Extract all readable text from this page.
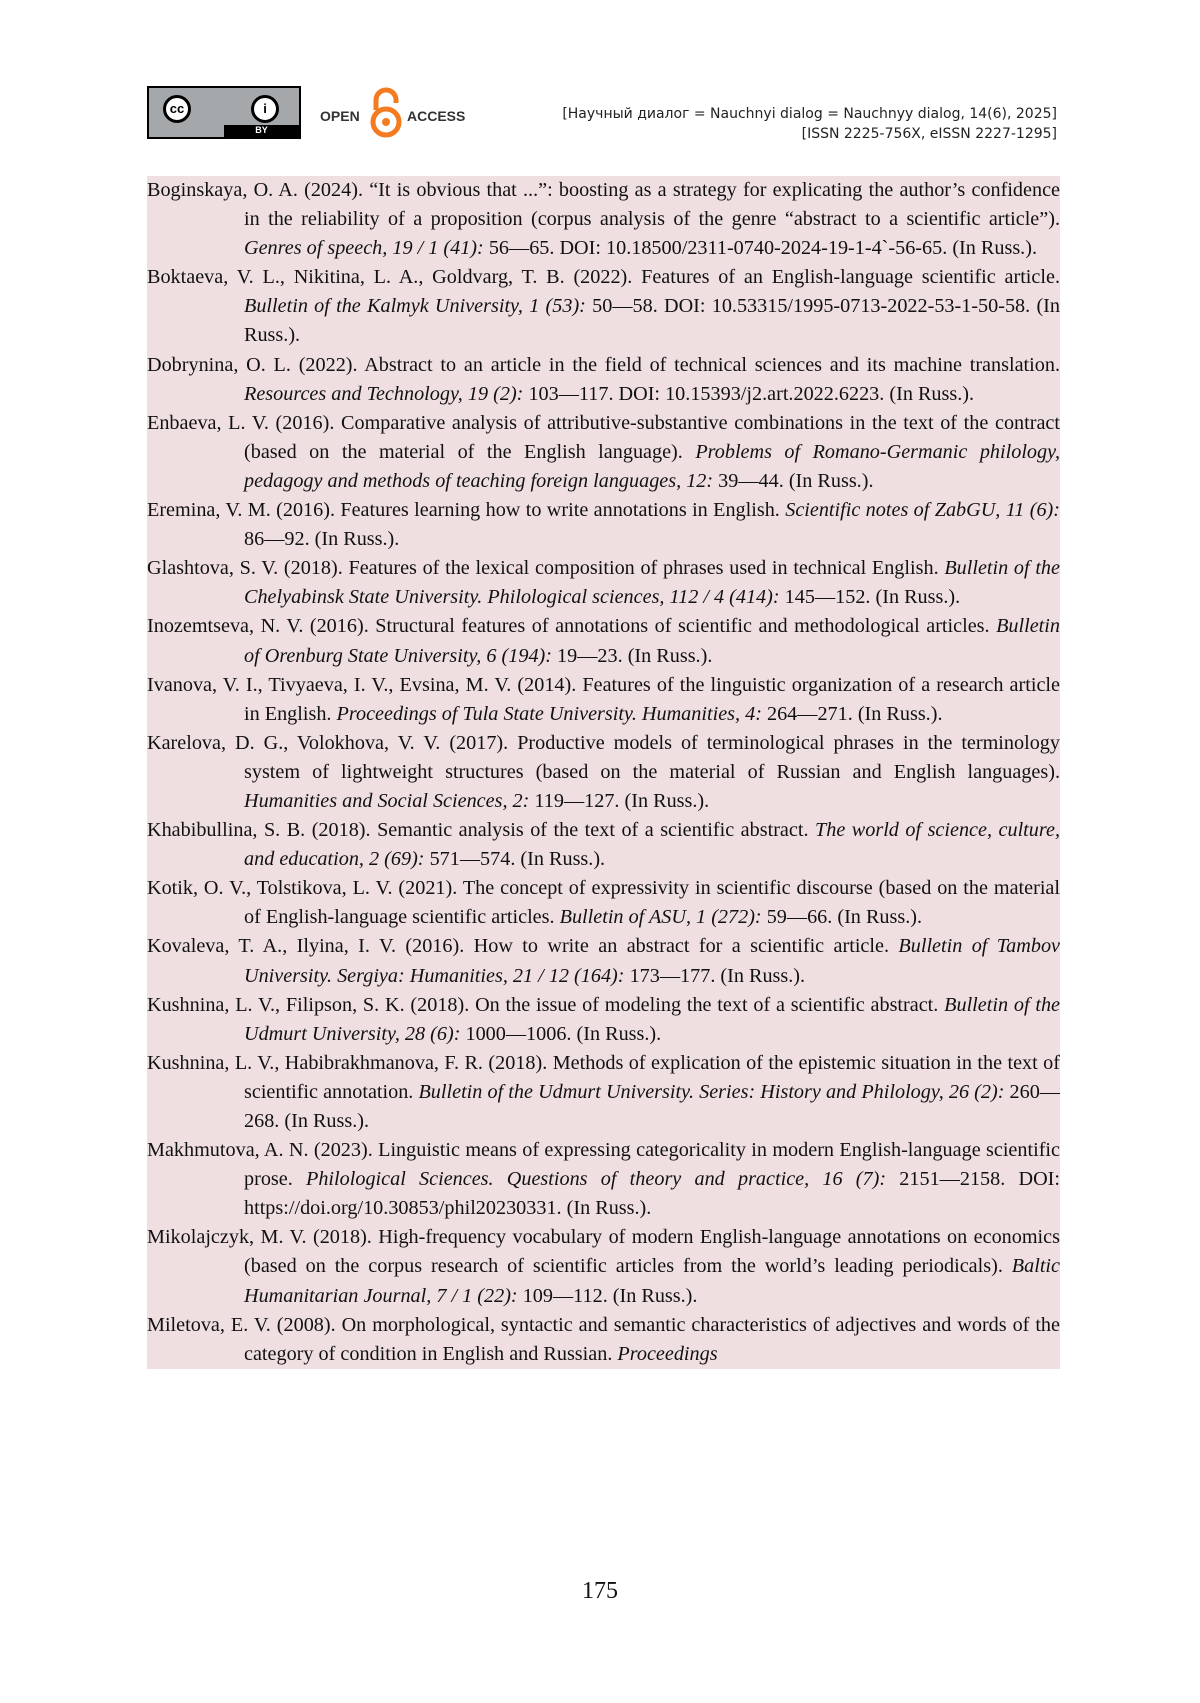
cc	i
BY
OPEN	ACCESS	[Научный диалог = Nauchnyi dialog = Nauchnyy dialog, 14(6), 2025]
[ISSN 2225-756X, eISSN 2227-1295]
Boginskaya, O. A. (2024). “It is obvious that ...”: boosting as a strategy for explicating the author’s confidence in the reliability of a proposition (corpus analysis of the genre “abstract to a scientific article”). Genres of speech, 19 / 1 (41): 56—65. DOI: 10.18500/2311-0740-2024-19-1-4`-56-65. (In Russ.).
Boktaeva, V. L., Nikitina, L. A., Goldvarg, T. B. (2022). Features of an English-language scientific article. Bulletin of the Kalmyk University, 1 (53): 50—58. DOI: 10.53315/1995-0713-2022-53-1-50-58. (In Russ.).
Dobrynina, O. L. (2022). Abstract to an article in the field of technical sciences and its machine translation. Resources and Technology, 19 (2): 103—117. DOI: 10.15393/j2.art.2022.6223. (In Russ.).
Enbaeva, L. V. (2016). Comparative analysis of attributive-substantive combinations in the text of the contract (based on the material of the English language). Problems of Romano-Germanic philology, pedagogy and methods of teaching foreign languages, 12: 39—44. (In Russ.).
Eremina, V. M. (2016). Features learning how to write annotations in English. Scientific notes of ZabGU, 11 (6): 86—92. (In Russ.).
Glashtova, S. V. (2018). Features of the lexical composition of phrases used in technical English. Bulletin of the Chelyabinsk State University. Philological sciences, 112 / 4 (414): 145—152. (In Russ.).
Inozemtseva, N. V. (2016). Structural features of annotations of scientific and methodological articles. Bulletin of Orenburg State University, 6 (194): 19—23. (In Russ.).
Ivanova, V. I., Tivyaeva, I. V., Evsina, M. V. (2014). Features of the linguistic organization of a research article in English. Proceedings of Tula State University. Humanities, 4: 264—271. (In Russ.).
Karelova, D. G., Volokhova, V. V. (2017). Productive models of terminological phrases in the terminology system of lightweight structures (based on the material of Russian and English languages). Humanities and Social Sciences, 2: 119—127. (In Russ.).
Khabibullina, S. B. (2018). Semantic analysis of the text of a scientific abstract. The world of science, culture, and education, 2 (69): 571—574. (In Russ.).
Kotik, O. V., Tolstikova, L. V. (2021). The concept of expressivity in scientific discourse (based on the material of English-language scientific articles. Bulletin of ASU, 1 (272): 59—66. (In Russ.).
Kovaleva, T. A., Ilyina, I. V. (2016). How to write an abstract for a scientific article. Bulletin of Tambov University. Sergiya: Humanities, 21 / 12 (164): 173—177. (In Russ.).
Kushnina, L. V., Filipson, S. K. (2018). On the issue of modeling the text of a scientific abstract. Bulletin of the Udmurt University, 28 (6): 1000—1006. (In Russ.).
Kushnina, L. V., Habibrakhmanova, F. R. (2018). Methods of explication of the epistemic situation in the text of scientific annotation. Bulletin of the Udmurt University. Series: History and Philology, 26 (2): 260—268. (In Russ.).
Makhmutova, A. N. (2023). Linguistic means of expressing categoricality in modern English-language scientific prose. Philological Sciences. Questions of theory and practice, 16 (7): 2151—2158. DOI: https://doi.org/10.30853/phil20230331. (In Russ.).
Mikolajczyk, M. V. (2018). High-frequency vocabulary of modern English-language annotations on economics (based on the corpus research of scientific articles from the world’s leading periodicals). Baltic Humanitarian Journal, 7 / 1 (22): 109—112. (In Russ.).
Miletova, E. V. (2008). On morphological, syntactic and semantic characteristics of adjectives and words of the category of condition in English and Russian. Proceedings
175
